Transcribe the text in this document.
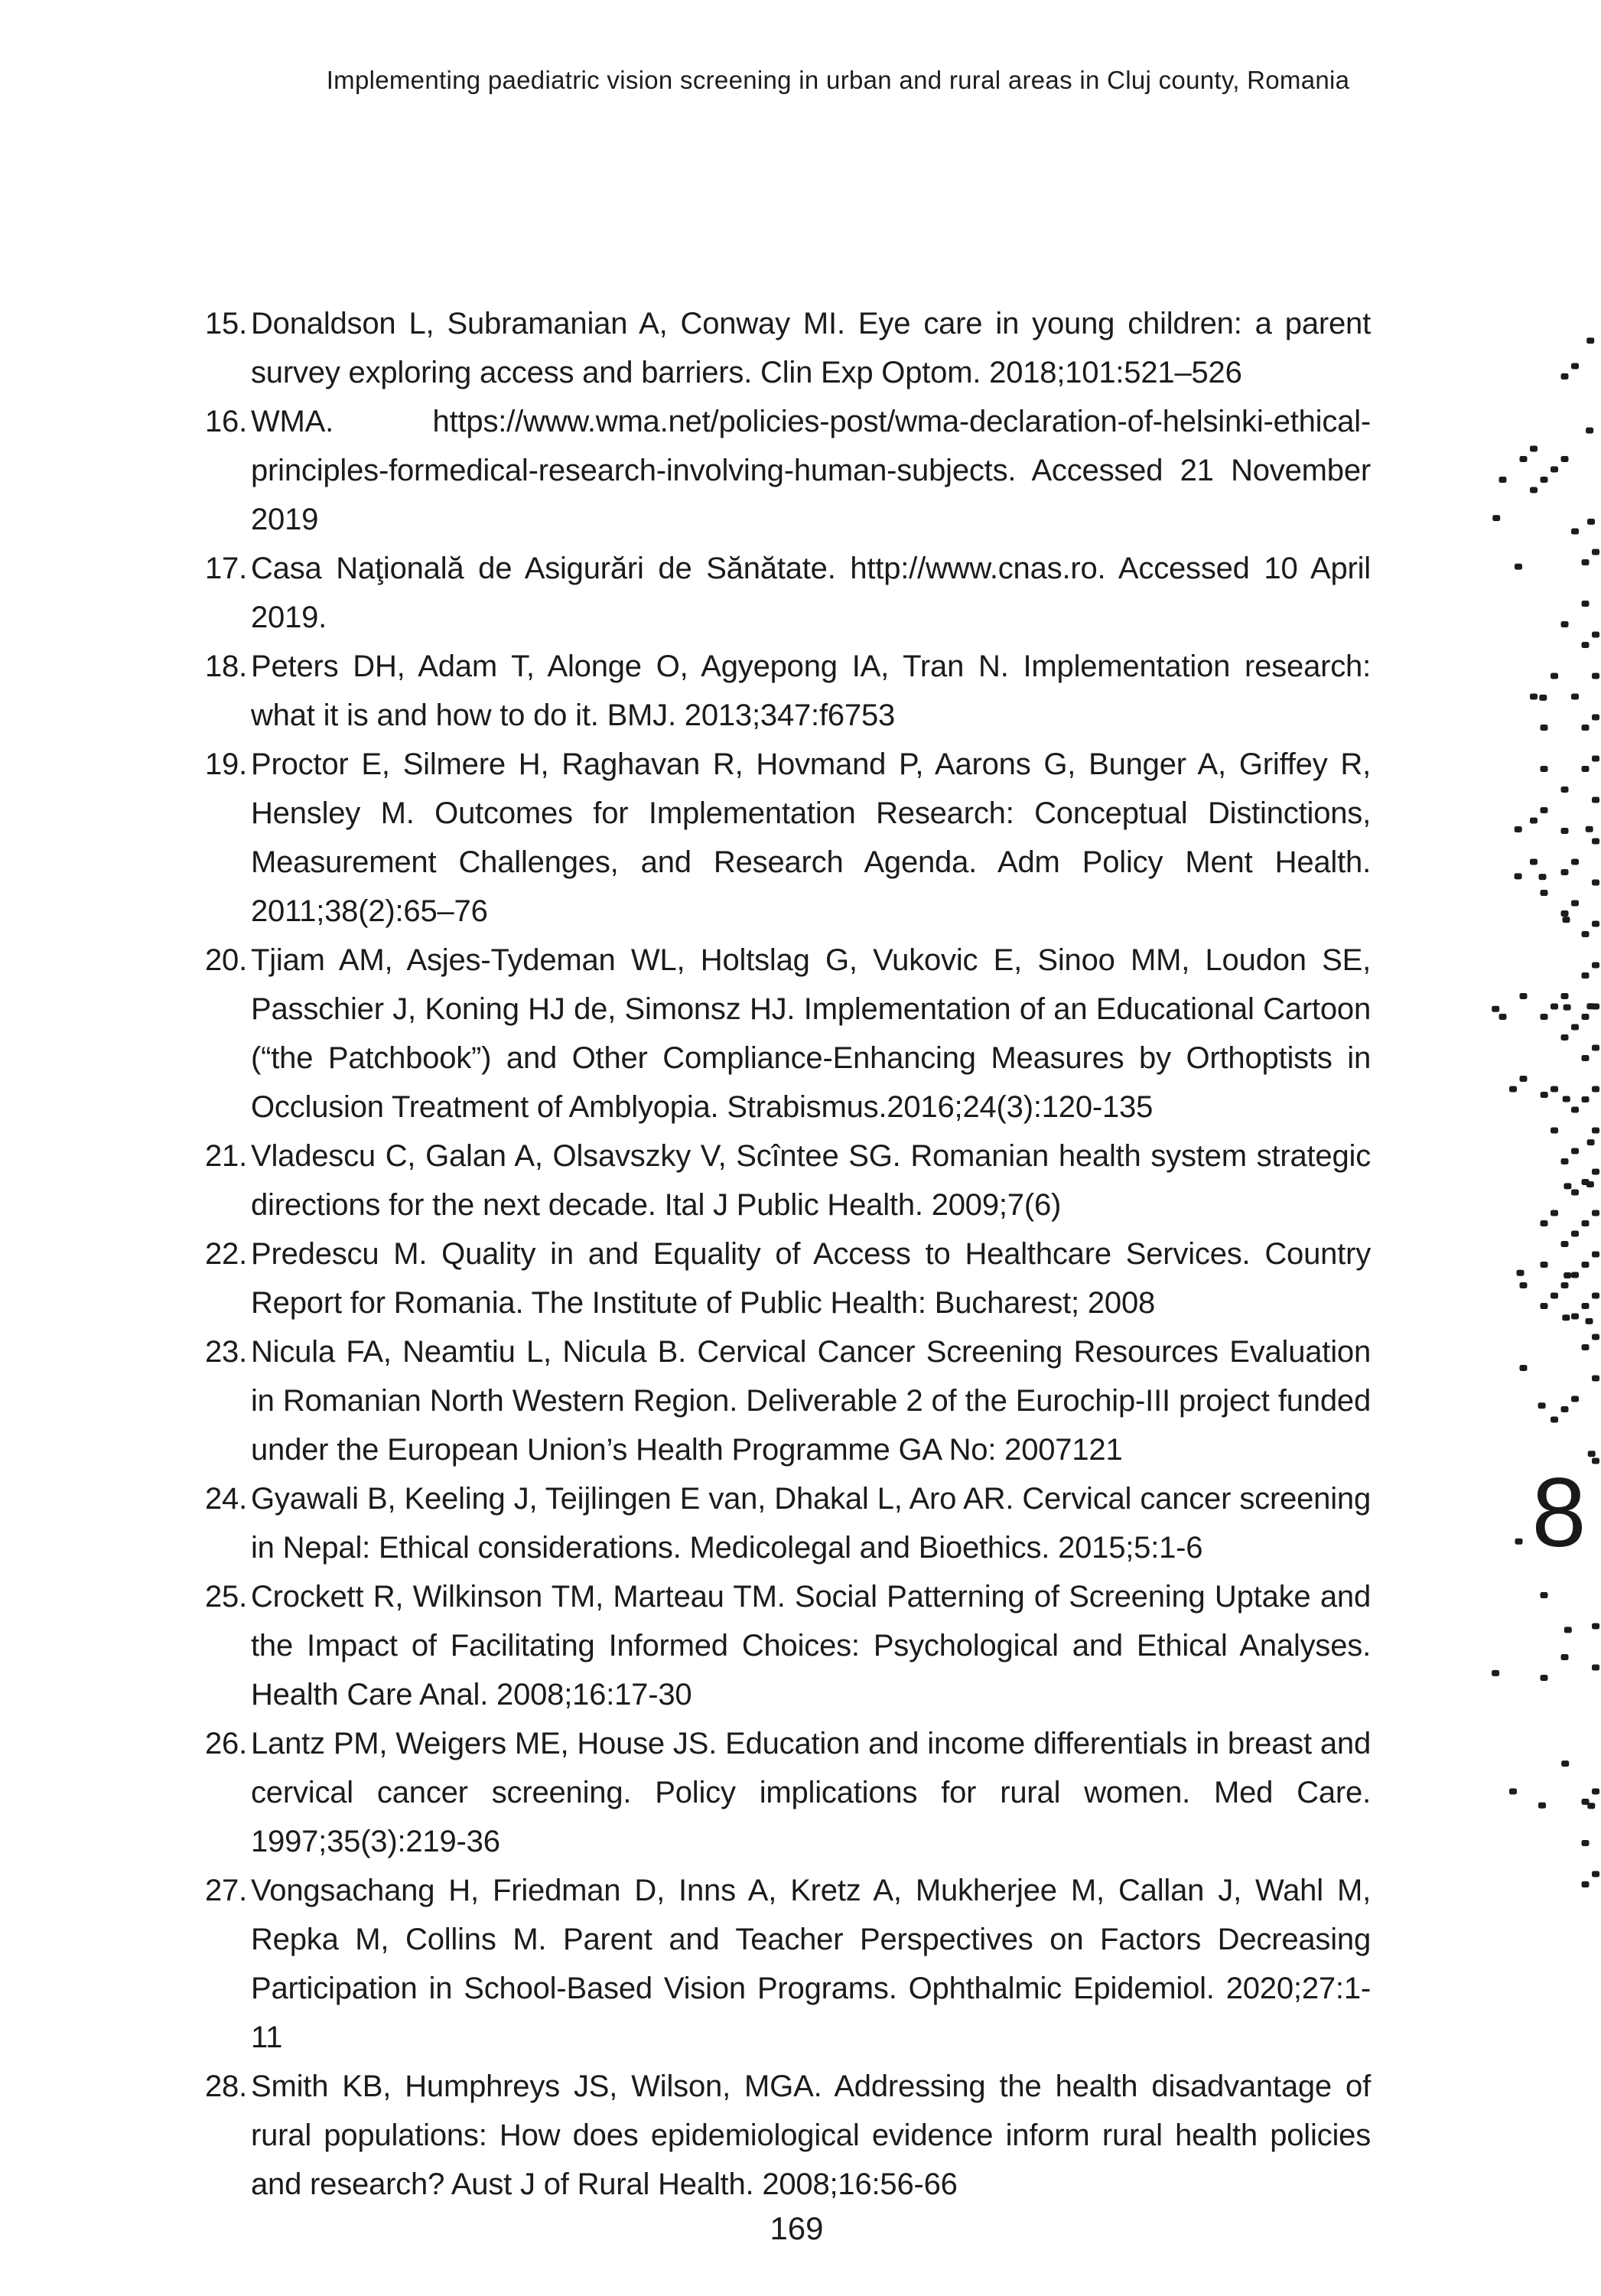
Implementing paediatric vision screening in urban and rural areas in Cluj county, Romania
15. Donaldson L, Subramanian A, Conway MI. Eye care in young children: a parent survey exploring access and barriers. Clin Exp Optom. 2018;101:521–526
16. WMA. https://www.wma.net/policies-post/wma-declaration-of-helsinki-ethical-principles-formedical-research-involving-human-subjects. Accessed 21 November 2019
17. Casa Naţională de Asigurări de Sănătate. http://www.cnas.ro. Accessed 10 April 2019.
18. Peters DH, Adam T, Alonge O, Agyepong IA, Tran N. Implementation research: what it is and how to do it. BMJ. 2013;347:f6753
19. Proctor E, Silmere H, Raghavan R, Hovmand P, Aarons G, Bunger A, Griffey R, Hensley M. Outcomes for Implementation Research: Conceptual Distinctions, Measurement Challenges, and Research Agenda. Adm Policy Ment Health. 2011;38(2):65–76
20. Tjiam AM, Asjes-Tydeman WL, Holtslag G, Vukovic E, Sinoo MM, Loudon SE, Passchier J, Koning HJ de, Simonsz HJ. Implementation of an Educational Cartoon (“the Patchbook”) and Other Compliance-Enhancing Measures by Orthoptists in Occlusion Treatment of Amblyopia. Strabismus.2016;24(3):120-135
21. Vladescu C, Galan A, Olsavszky V, Scîntee SG. Romanian health system strategic directions for the next decade. Ital J Public Health. 2009;7(6)
22. Predescu M. Quality in and Equality of Access to Healthcare Services. Country Report for Romania. The Institute of Public Health: Bucharest; 2008
23. Nicula FA, Neamtiu L, Nicula B. Cervical Cancer Screening Resources Evaluation in Romanian North Western Region. Deliverable 2 of the Eurochip-III project funded under the European Union’s Health Programme GA No: 2007121
24. Gyawali B, Keeling J, Teijlingen E van, Dhakal L, Aro AR. Cervical cancer screening in Nepal: Ethical considerations. Medicolegal and Bioethics. 2015;5:1-6
25. Crockett R, Wilkinson TM, Marteau TM. Social Patterning of Screening Uptake and the Impact of Facilitating Informed Choices: Psychological and Ethical Analyses. Health Care Anal. 2008;16:17-30
26. Lantz PM, Weigers ME, House JS. Education and income differentials in breast and cervical cancer screening. Policy implications for rural women. Med Care. 1997;35(3):219-36
27. Vongsachang H, Friedman D, Inns A, Kretz A, Mukherjee M, Callan J, Wahl M, Repka M, Collins M. Parent and Teacher Perspectives on Factors Decreasing Participation in School-Based Vision Programs. Ophthalmic Epidemiol. 2020;27:1-11
28. Smith KB, Humphreys JS, Wilson, MGA. Addressing the health disadvantage of rural populations: How does epidemiological evidence inform rural health policies and research? Aust J of Rural Health. 2008;16:56-66
8
169
